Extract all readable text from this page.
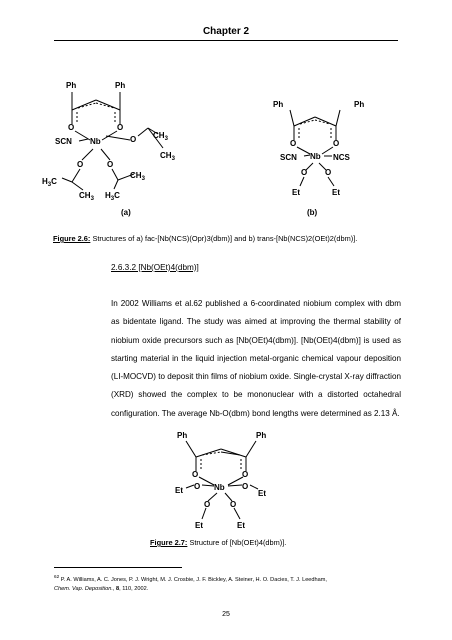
Chapter 2
Ph	Ph
O	O
Nb
SCN	O $CH_3$
$CH_3$
O	O
$H_3C$
$CH_3$ $H_3C$
$CH_3$
Ph	Ph
O	O
Nb
SCN	NCS
O O
Et	Et
(a)	(b)
Figure 2.6: Structures of a) fac-[Nb(NCS)(Opr)3(dbm)] and b) trans-[Nb(NCS)2(OEt)2(dbm)].
2.6.3.2 [Nb(OEt)4(dbm)]
In 2002 Williams et al.62 published a 6-coordinated niobium complex with dbm as bidentate ligand. The study was aimed at improving the thermal stability of niobium oxide precursors such as [Nb(OEt)4(dbm)]. [Nb(OEt)4(dbm)] is used as starting material in the liquid injection metal-organic chemical vapour deposition (LI-MOCVD) to deposit thin films of niobium oxide. Single-crystal X-ray diffraction (XRD) showed the complex to be mononuclear with a distorted octahedral configuration. The average Nb-O(dbm) bond lengths were determined as 2.13 Å.
Ph	Ph
O	O
Nb
O	O
Et	Et
O O
Et	Et
Figure 2.7: Structure of [Nb(OEt)4(dbm)].
$^{62}$ P. A. Williams, A. C. Jones, P. J. Wright, M. J. Crosbie, J. F. Bickley, A. Steiner, H. O. Dacies, T. J. Leedham,
Chem. Vap. Deposition., 8, 110, 2002.
25
